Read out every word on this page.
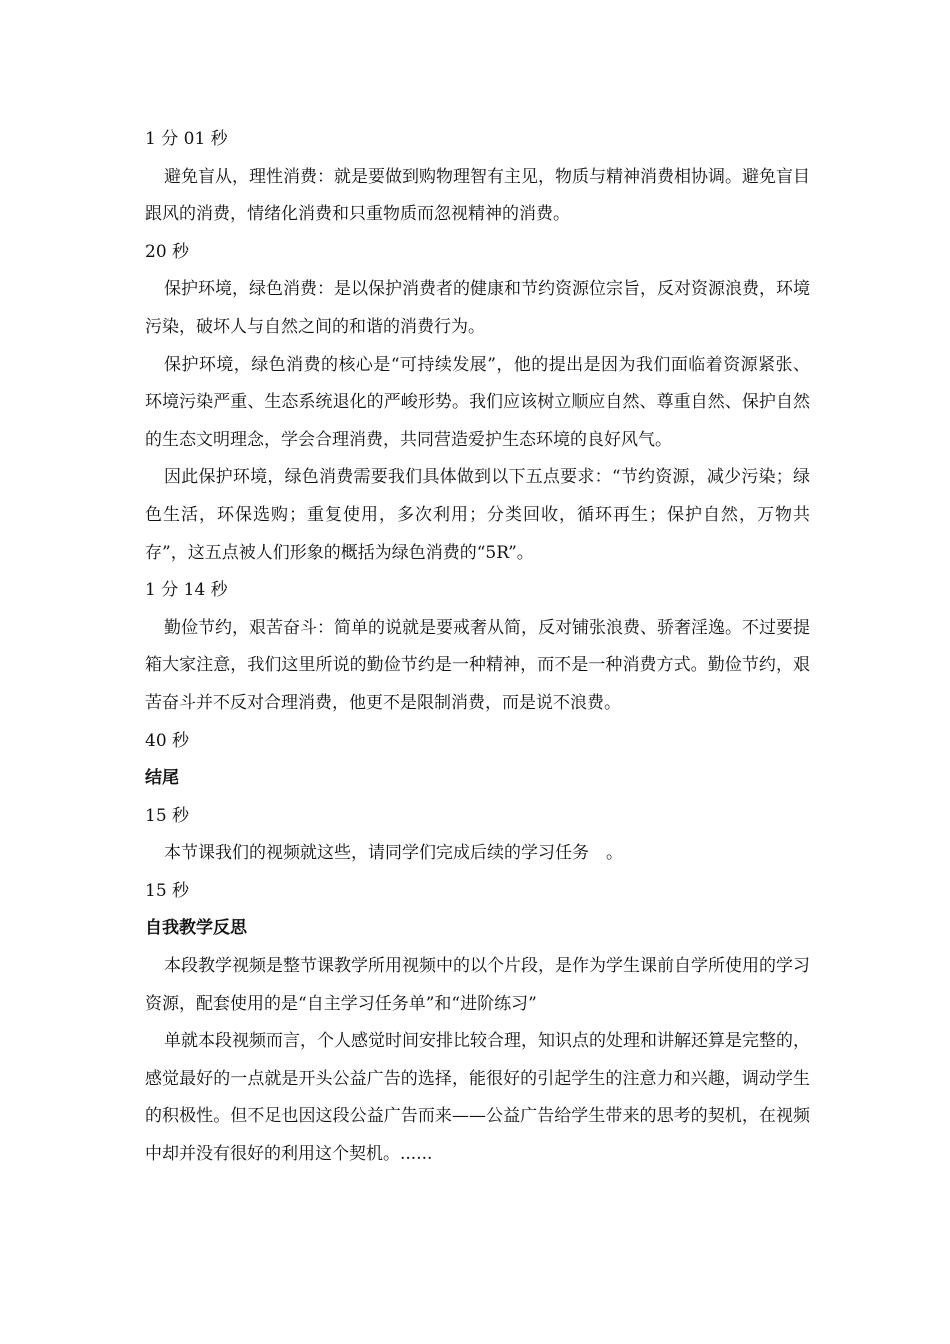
1 分 01 秒

避免盲从，理性消费：就是要做到购物理智有主见，物质与精神消费相协调。避免盲目跟风的消费，情绪化消费和只重物质而忽视精神的消费。

20 秒

保护环境，绿色消费：是以保护消费者的健康和节约资源位宗旨，反对资源浪费，环境污染，破坏人与自然之间的和谐的消费行为。

保护环境，绿色消费的核心是“可持续发展”，他的提出是因为我们面临着资源紧张、环境污染严重、生态系统退化的严峻形势。我们应该树立顺应自然、尊重自然、保护自然的生态文明理念，学会合理消费，共同营造爱护生态环境的良好风气。

因此保护环境，绿色消费需要我们具体做到以下五点要求：“节约资源，减少污染；绿色生活，环保选购；重复使用，多次利用；分类回收，循环再生；保护自然，万物共存”，这五点被人们形象的概括为绿色消费的“5R”。

1 分 14 秒

勤俭节约，艰苦奋斗：简单的说就是要戒奢从简，反对铺张浪费、骄奢淫逸。不过要提箱大家注意，我们这里所说的勤俭节约是一种精神，而不是一种消费方式。勤俭节约，艰苦奋斗并不反对合理消费，他更不是限制消费，而是说不浪费。

40 秒

结尾

15 秒

本节课我们的视频就这些，请同学们完成后续的学习任务　。

15 秒

自我教学反思

本段教学视频是整节课教学所用视频中的以个片段，是作为学生课前自学所使用的学习资源，配套使用的是“自主学习任务单”和“进阶练习”

单就本段视频而言，个人感觉时间安排比较合理，知识点的处理和讲解还算是完整的，感觉最好的一点就是开头公益广告的选择，能很好的引起学生的注意力和兴趣，调动学生的积极性。但不足也因这段公益广告而来——公益广告给学生带来的思考的契机，在视频中却并没有很好的利用这个契机。......
